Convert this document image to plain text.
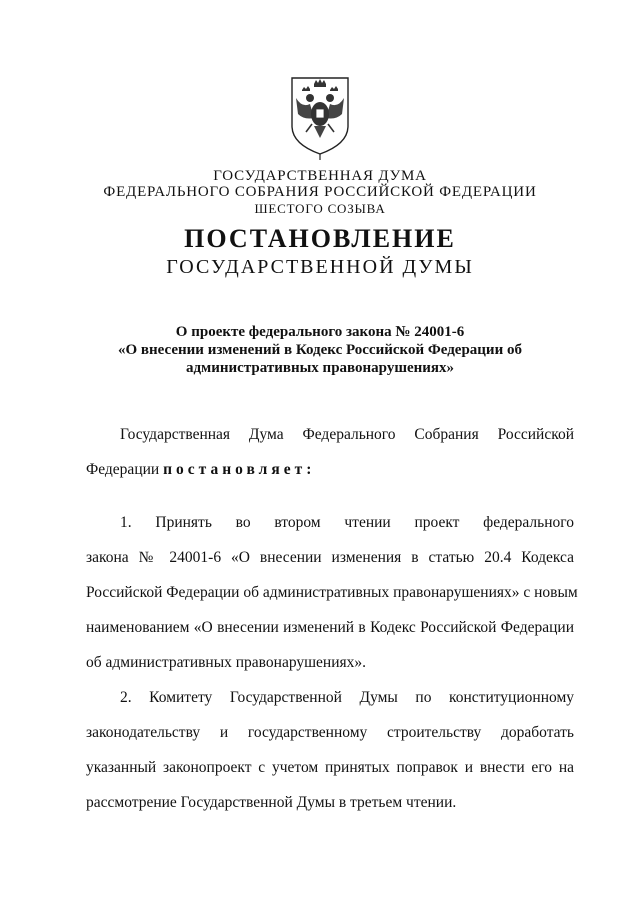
ГОСУДАРСТВЕННАЯ ДУМА
ФЕДЕРАЛЬНОГО СОБРАНИЯ РОССИЙСКОЙ ФЕДЕРАЦИИ
ШЕСТОГО СОЗЫВА
ПОСТАНОВЛЕНИЕ
ГОСУДАРСТВЕННОЙ ДУМЫ
О проекте федерального закона № 24001-6
«О внесении изменений в Кодекс Российской Федерации об
административных правонарушениях»
Государственная Дума Федерального Собрания Российской
Федерации постановляет:
1. Принять во втором чтении проект федерального
закона № 24001-6 «О внесении изменения в статью 20.4 Кодекса
Российской Федерации об административных правонарушениях» с новым
наименованием «О внесении изменений в Кодекс Российской Федерации
об административных правонарушениях».
2. Комитету Государственной Думы по конституционному
законодательству и государственному строительству доработать
указанный законопроект с учетом принятых поправок и внести его на
рассмотрение Государственной Думы в третьем чтении.
